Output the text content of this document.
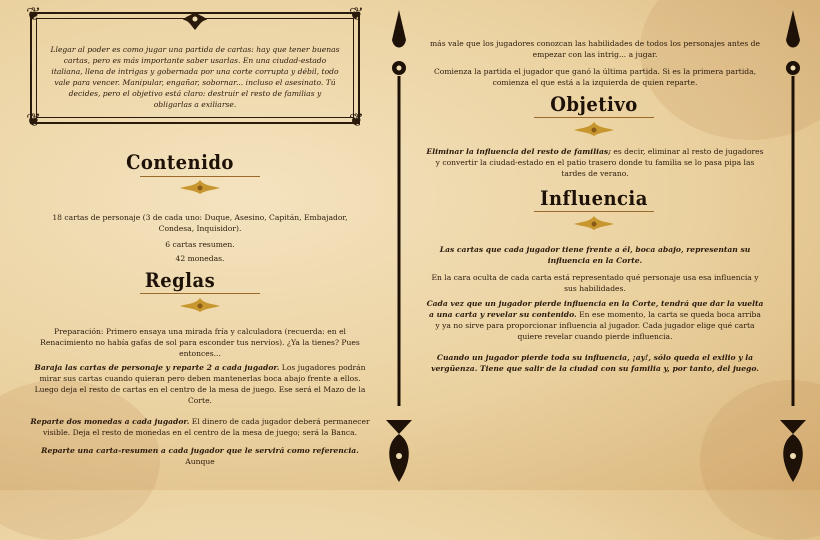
❦	❦
❦	❦
Llegar al poder es como jugar una partida de cartas: hay que tener buenas cartas, pero es más importante saber usarlas. En una ciudad-estado italiana, llena de intrigas y gobernada por una corte corrupta y débil, todo vale para vencer. Manipular, engañar, sobornar... incluso el asesinato. Tú decides, pero el objetivo está claro: destruir el resto de familias y obligarlas a exiliarse.
Contenido
18 cartas de personaje (3 de cada uno: Duque, Asesino, Capitán, Embajador, Condesa, Inquisidor).
6 cartas resumen.
42 monedas.
Reglas
Preparación: Primero ensaya una mirada fría y calculadora (recuerda: en el Renacimiento no había gafas de sol para esconder tus nervios). ¿Ya la tienes? Pues entonces...
Baraja las cartas de personaje y reparte 2 a cada jugador. Los jugadores podrán mirar sus cartas cuando quieran pero deben mantenerlas boca abajo frente a ellos. Luego deja el resto de cartas en el centro de la mesa de juego. Ese será el Mazo de la Corte.
Reparte dos monedas a cada jugador. El dinero de cada jugador deberá permanecer visible. Deja el resto de monedas en el centro de la mesa de juego; será la Banca.
Reparte una carta-resumen a cada jugador que le servirá como referencia. Aunque
más vale que los jugadores conozcan las habilidades de todos los personajes antes de empezar con las intrig... a jugar.
Comienza la partida el jugador que ganó la última partida. Si es la primera partida, comienza el que está a la izquierda de quien reparte.
Objetivo
Eliminar la influencia del resto de familias; es decir, eliminar al resto de jugadores y convertir la ciudad-estado en el patio trasero donde tu familia se lo pasa pipa las tardes de verano.
Influencia
Las cartas que cada jugador tiene frente a él, boca abajo, representan su influencia en la Corte.
En la cara oculta de cada carta está representado qué personaje usa esa influencia y sus habilidades.
Cada vez que un jugador pierde influencia en la Corte, tendrá que dar la vuelta a una carta y revelar su contenido. En ese momento, la carta se queda boca arriba y ya no sirve para proporcionar influencia al jugador. Cada jugador elige qué carta quiere revelar cuando pierde influencia.
Cuando un jugador pierde toda su influencia, ¡ay!, sólo queda el exilio y la vergüenza. Tiene que salir de la ciudad con su familia y, por tanto, del juego.
